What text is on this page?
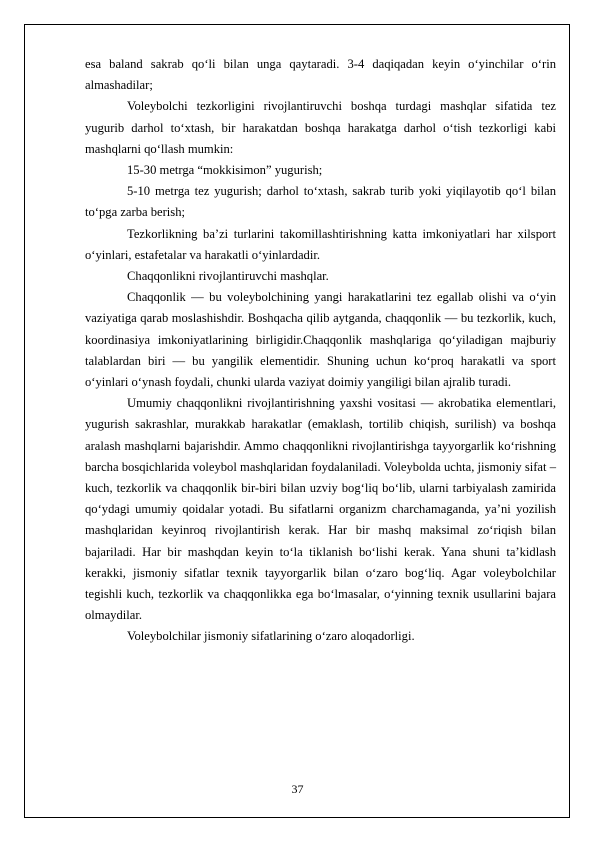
esa baland sakrab qo‘li bilan unga qaytaradi. 3-4 daqiqadan keyin o‘yinchilar o‘rin almashadilar;

Voleybolchi tezkorligini rivojlantiruvchi boshqa turdagi mashqlar sifatida tez yugurib darhol to‘xtash, bir harakatdan boshqa harakatga darhol o‘tish tezkorligi kabi mashqlarni qo‘llash mumkin:

15-30 metrga “mokkisimon” yugurish;

5-10 metrga tez yugurish; darhol to‘xtash, sakrab turib yoki yiqilayotib qo‘l bilan to‘pga zarba berish;

Tezkorlikning ba’zi turlarini takomillashtirishning katta imkoniyatlari har xilsport o‘yinlari, estafetalar va harakatli o‘yinlardadir.

Chaqqonlikni rivojlantiruvchi mashqlar.

Chaqqonlik — bu voleybolchining yangi harakatlarini tez egallab olishi va o‘yin vaziyatiga qarab moslashishdir. Boshqacha qilib aytganda, chaqqonlik — bu tezkorlik, kuch, koordinasiya imkoniyatlarining birligidir.Chaqqonlik mashqlariga qo‘yiladigan majburiy talablardan biri — bu yangilik elementidir. Shuning uchun ko‘proq harakatli va sport o‘yinlari o‘ynash foydali, chunki ularda vaziyat doimiy yangiligi bilan ajralib turadi.

Umumiy chaqqonlikni rivojlantirishning yaxshi vositasi — akrobatika elementlari, yugurish sakrashlar, murakkab harakatlar (emaklash, tortilib chiqish, surilish) va boshqa aralash mashqlarni bajarishdir. Ammo chaqqonlikni rivojlantirishga tayyorgarlik ko‘rishning barcha bosqichlarida voleybol mashqlaridan foydalaniladi. Voleybolda uchta, jismoniy sifat – kuch, tezkorlik va chaqqonlik bir-biri bilan uzviy bog‘liq bo‘lib, ularni tarbiyalash zamirida qo‘ydagi umumiy qoidalar yotadi. Bu sifatlarni organizm charchamaganda, ya’ni yozilish mashqlaridan keyinroq rivojlantirish kerak. Har bir mashq maksimal zo‘riqish bilan bajariladi. Har bir mashqdan keyin to‘la tiklanish bo‘lishi kerak. Yana shuni ta’kidlash kerakki, jismoniy sifatlar texnik tayyorgarlik bilan o‘zaro bog‘liq. Agar voleybolchilar tegishli kuch, tezkorlik va chaqqonlikka ega bo‘lmasalar, o‘yinning texnik usullarini bajara olmaydilar.

Voleybolchilar jismoniy sifatlarining o‘zaro aloqadorligi.

37
